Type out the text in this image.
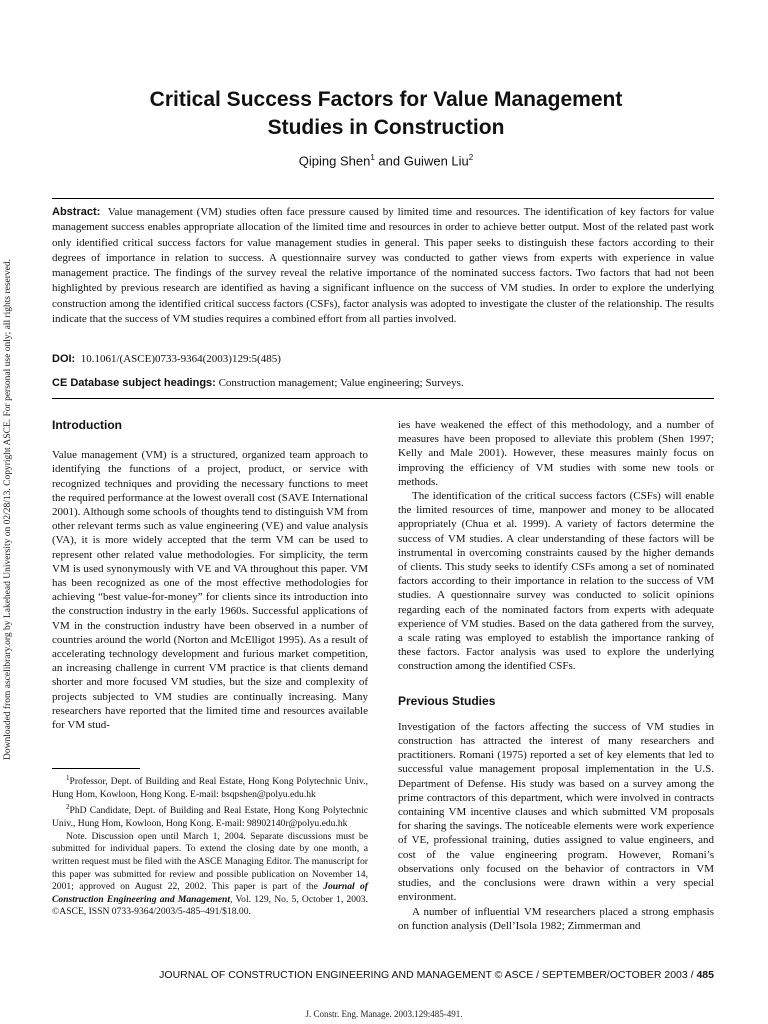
Downloaded from ascelibrary.org by Lakehead University on 02/28/13. Copyright ASCE. For personal use only; all rights reserved.
Critical Success Factors for Value Management
Studies in Construction
Qiping Shen$^1$ and Guiwen Liu$^2$

Abstract: Value management (VM) studies often face pressure caused by limited time and resources. The identification of key factors for value management success enables appropriate allocation of the limited time and resources in order to achieve better output. Most of the related past work only identified critical success factors for value management studies in general. This paper seeks to distinguish these factors according to their degrees of importance in relation to success. A questionnaire survey was conducted to gather views from experts with experience in value management practice. The findings of the survey reveal the relative importance of the nominated success factors. Two factors that had not been highlighted by previous research are identified as having a significant influence on the success of VM studies. In order to explore the underlying construction among the identified critical success factors (CSFs), factor analysis was adopted to investigate the cluster of the relationship. The results indicate that the success of VM studies requires a combined effort from all parties involved.

DOI: 10.1061/(ASCE)0733-9364(2003)129:5(485)
CE Database subject headings: Construction management; Value engineering; Surveys.
Introduction

Value management (VM) is a structured, organized team approach to identifying the functions of a project, product, or service with recognized techniques and providing the necessary functions to meet the required performance at the lowest overall cost (SAVE International 2001). Although some schools of thoughts tend to distinguish VM from other relevant terms such as value engineering (VE) and value analysis (VA), it is more widely accepted that the term VM can be used to represent other related value methodologies. For simplicity, the term VM is used synonymously with VE and VA throughout this paper. VM has been recognized as one of the most effective methodologies for achieving “best value-for-money” for clients since its introduction into the construction industry in the early 1960s. Successful applications of VM in the construction industry have been observed in a number of countries around the world (Norton and McElligot 1995). As a result of accelerating technology development and furious market competition, an increasing challenge in current VM practice is that clients demand shorter and more focused VM studies, but the size and complexity of projects subjected to VM studies are continually increasing. Many researchers have reported that the limited time and resources available for VM stud-

$^1$Professor, Dept. of Building and Real Estate, Hong Kong Polytechnic Univ., Hung Hom, Kowloon, Hong Kong. E-mail: bsqpshen@polyu.edu.hk

$^2$PhD Candidate, Dept. of Building and Real Estate, Hong Kong Polytechnic Univ., Hung Hom, Kowloon, Hong Kong. E-mail: 98902140r@polyu.edu.hk

Note. Discussion open until March 1, 2004. Separate discussions must be submitted for individual papers. To extend the closing date by one month, a written request must be filed with the ASCE Managing Editor. The manuscript for this paper was submitted for review and possible publication on November 14, 2001; approved on August 22, 2002. This paper is part of the Journal of Construction Engineering and Management, Vol. 129, No. 5, October 1, 2003. ©ASCE, ISSN 0733-9364/2003/5-485–491/$18.00.

ies have weakened the effect of this methodology, and a number of measures have been proposed to alleviate this problem (Shen 1997; Kelly and Male 2001). However, these measures mainly focus on improving the efficiency of VM studies with some new tools or methods.

The identification of the critical success factors (CSFs) will enable the limited resources of time, manpower and money to be allocated appropriately (Chua et al. 1999). A variety of factors determine the success of VM studies. A clear understanding of these factors will be instrumental in overcoming constraints caused by the higher demands of clients. This study seeks to identify CSFs among a set of nominated factors according to their importance in relation to the success of VM studies. A questionnaire survey was conducted to solicit opinions regarding each of the nominated factors from experts with adequate experience of VM studies. Based on the data gathered from the survey, a scale rating was employed to establish the importance ranking of these factors. Factor analysis was used to explore the underlying construction among the identified CSFs.

Previous Studies

Investigation of the factors affecting the success of VM studies in construction has attracted the interest of many researchers and practitioners. Romani (1975) reported a set of key elements that led to successful value management proposal implementation in the U.S. Department of Defense. His study was based on a survey among the prime contractors of this department, which were involved in contracts containing VM incentive clauses and which submitted VM proposals for sharing the savings. The noticeable elements were work experience of VE, professional training, duties assigned to value engineers, and cost of the value engineering program. However, Romani’s observations only focused on the behavior of contractors in VM studies, and the conclusions were drawn within a very special environment.

A number of influential VM researchers placed a strong emphasis on function analysis (Dell’Isola 1982; Zimmerman and

JOURNAL OF CONSTRUCTION ENGINEERING AND MANAGEMENT © ASCE / SEPTEMBER/OCTOBER 2003 / 485
J. Constr. Eng. Manage. 2003.129:485-491.
